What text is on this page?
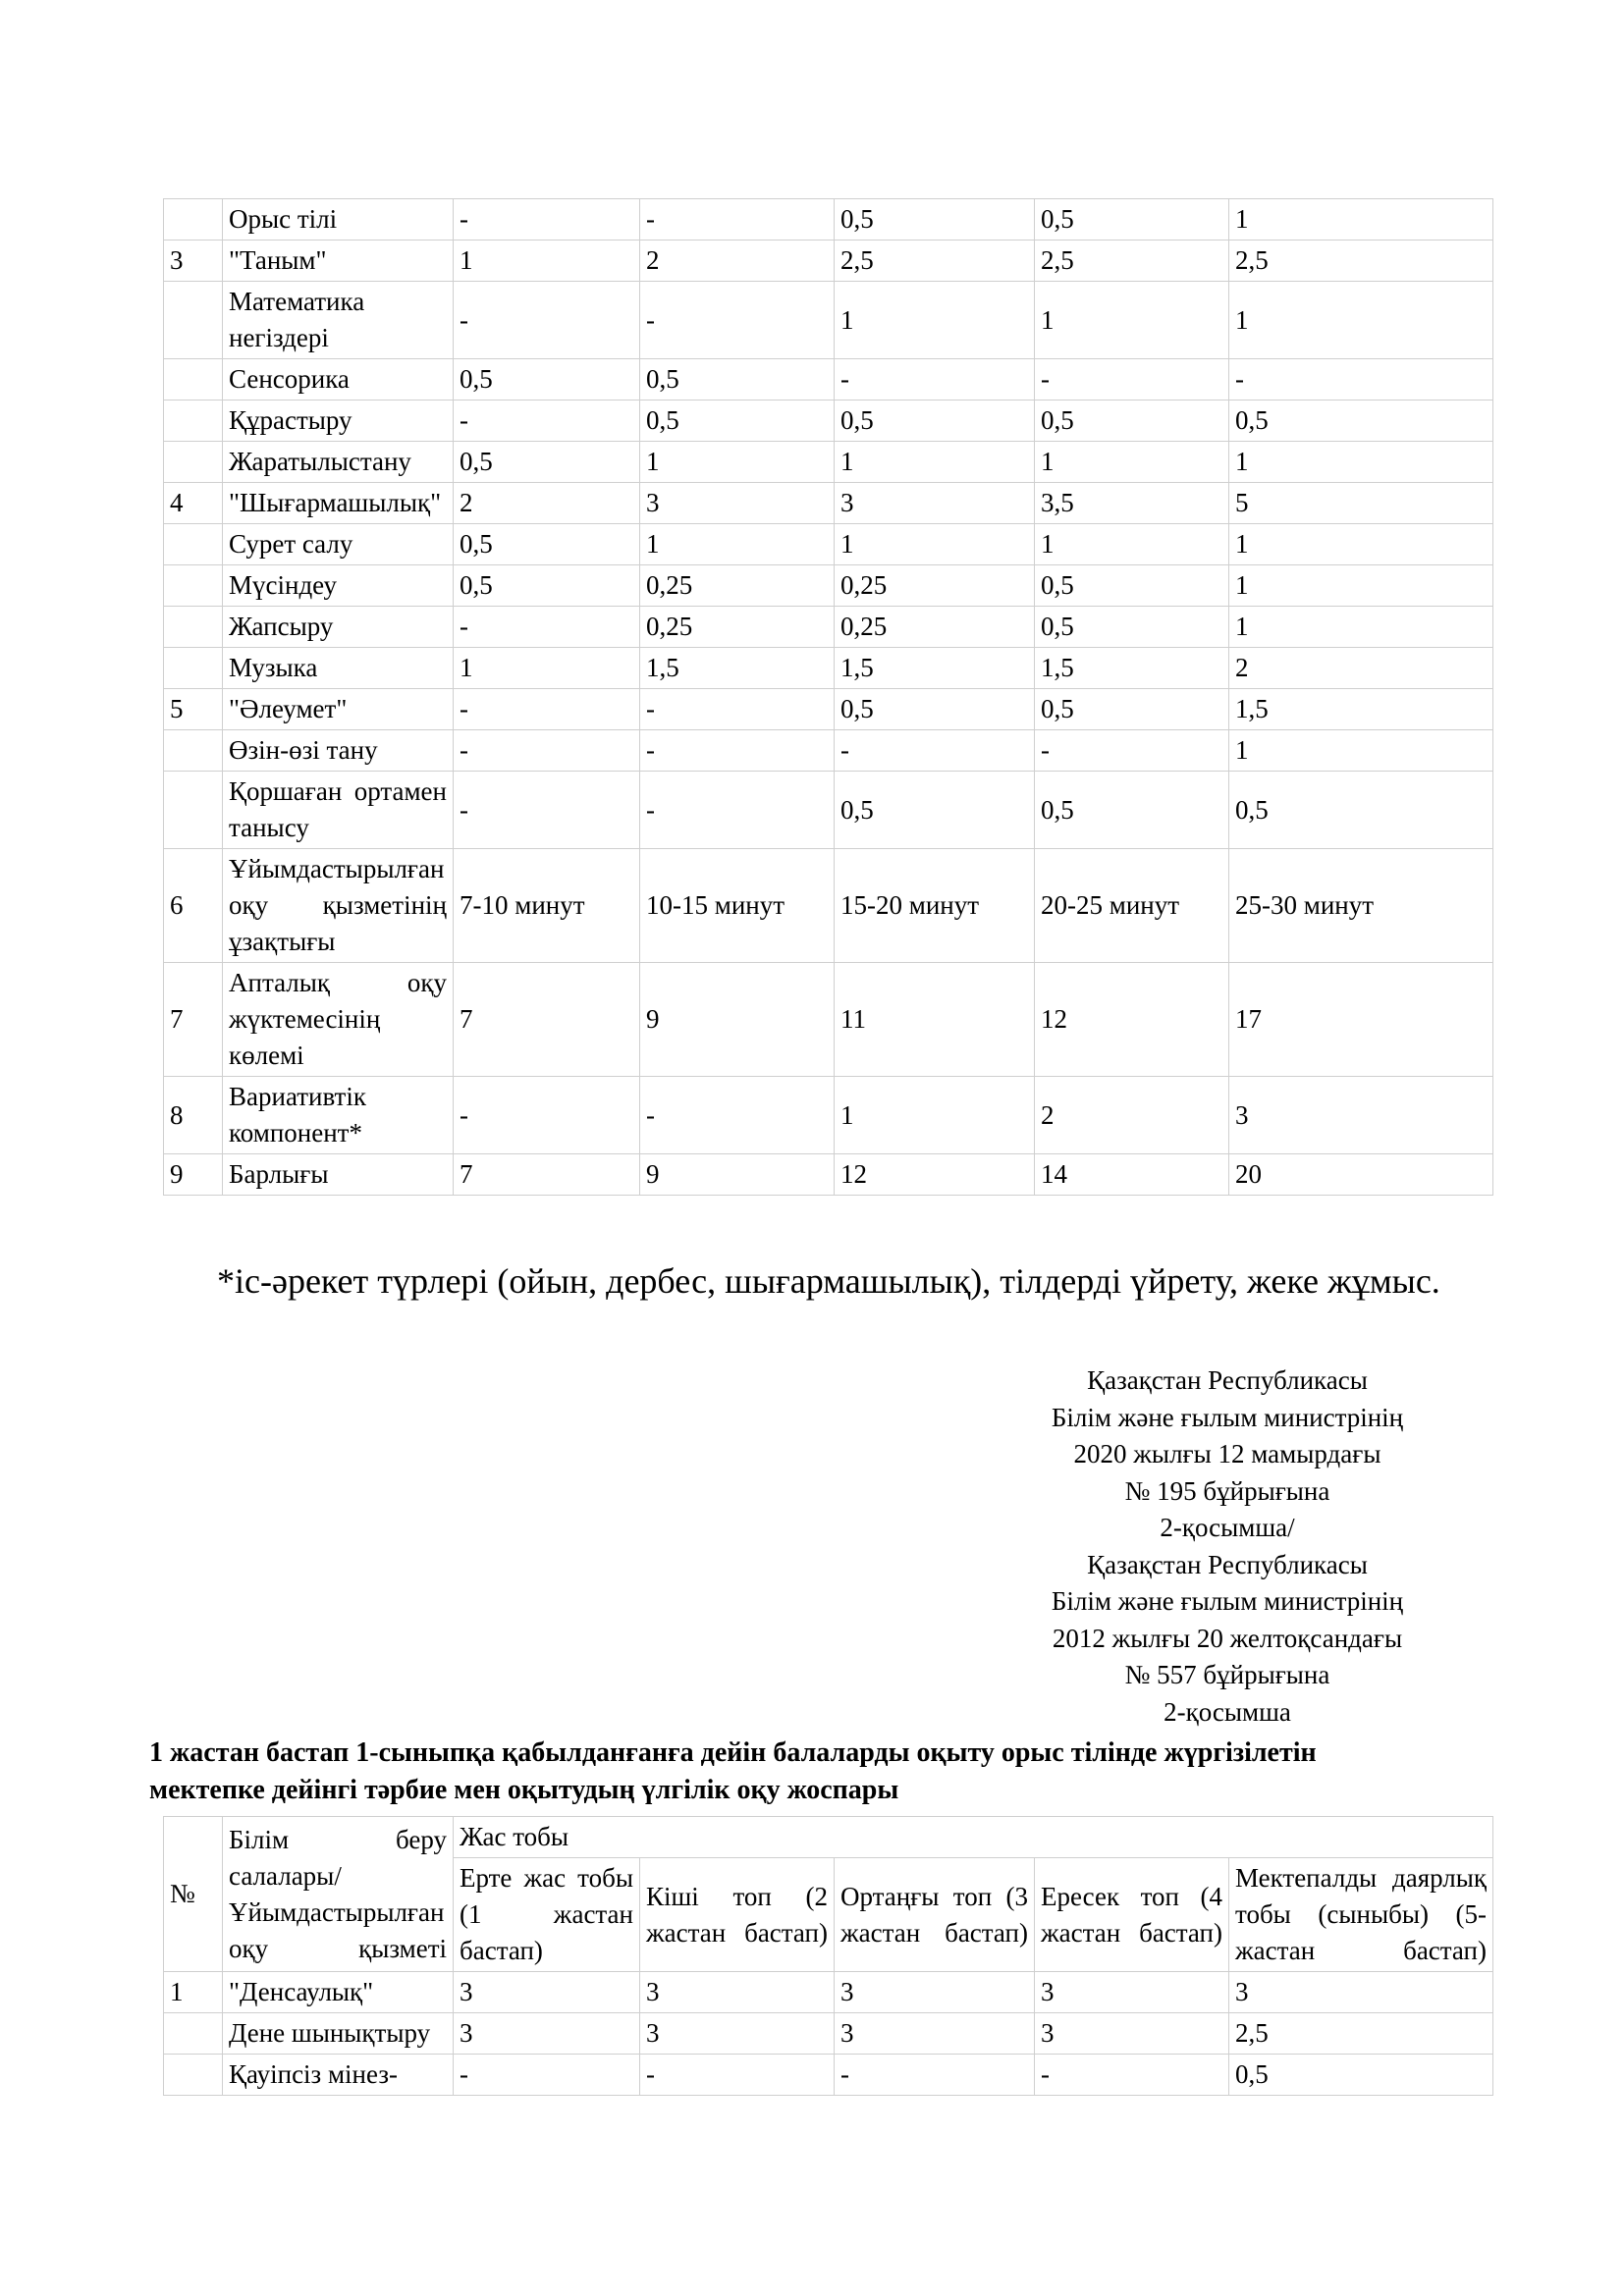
	Орыс тілі	-	-	0,5	0,5	1
3	"Таным"	1	2	2,5	2,5	2,5
	Математика негіздері	-	-	1	1	1
	Сенсорика	0,5	0,5	-	-	-
	Құрастыру	-	0,5	0,5	0,5	0,5
	Жаратылыстану	0,5	1	1	1	1
4	"Шығармашылық"	2	3	3	3,5	5
	Сурет салу	0,5	1	1	1	1
	Мүсіндеу	0,5	0,25	0,25	0,5	1
	Жапсыру	-	0,25	0,25	0,5	1
	Музыка	1	1,5	1,5	1,5	2
5	"Әлеумет"	-	-	0,5	0,5	1,5
	Өзін-өзі тану	-	-	-	-	1
	Қоршаған ортамен танысу	-	-	0,5	0,5	0,5
6	Ұйымдастырылған оқу қызметінің ұзақтығы	7-10 минут	10-15 минут	15-20 минут	20-25 минут	25-30 минут
7	Апталық оқу жүктемесінің көлемі	7	9	11	12	17
8	Вариативтік компонент*	-	-	1	2	3
9	Барлығы	7	9	12	14	20

*іс-әрекет түрлері (ойын, дербес, шығармашылық), тілдерді үйрету, жеке жұмыс.

Қазақстан Республикасы
Білім және ғылым министрінің
2020 жылғы 12 мамырдағы
№ 195 бұйрығына
2-қосымша/
Қазақстан Республикасы
Білім және ғылым министрінің
2012 жылғы 20 желтоқсандағы
№ 557 бұйрығына
2-қосымша
1 жастан бастап 1-сыныпқа қабылданғанға дейін балаларды оқыту орыс тілінде жүргізілетін
мектепке дейінгі тәрбие мен оқытудың үлгілік оқу жоспары
№	Білім беру салалары/ Ұйымдастырылған оқу қызметі	Жас тобы				
		Ерте жас тобы (1 жастан бастап)	Кіші топ (2 жастан бастап)	Ортаңғы топ (3 жастан бастап)	Ересек топ (4 жастан бастап)	Мектепалды даярлық тобы (сыныбы) (5-жастан бастап)
1	"Денсаулық"	3	3	3	3	3
	Дене шынықтыру	3	3	3	3	2,5
	Қауіпсіз мінез-	-	-	-	-	0,5
